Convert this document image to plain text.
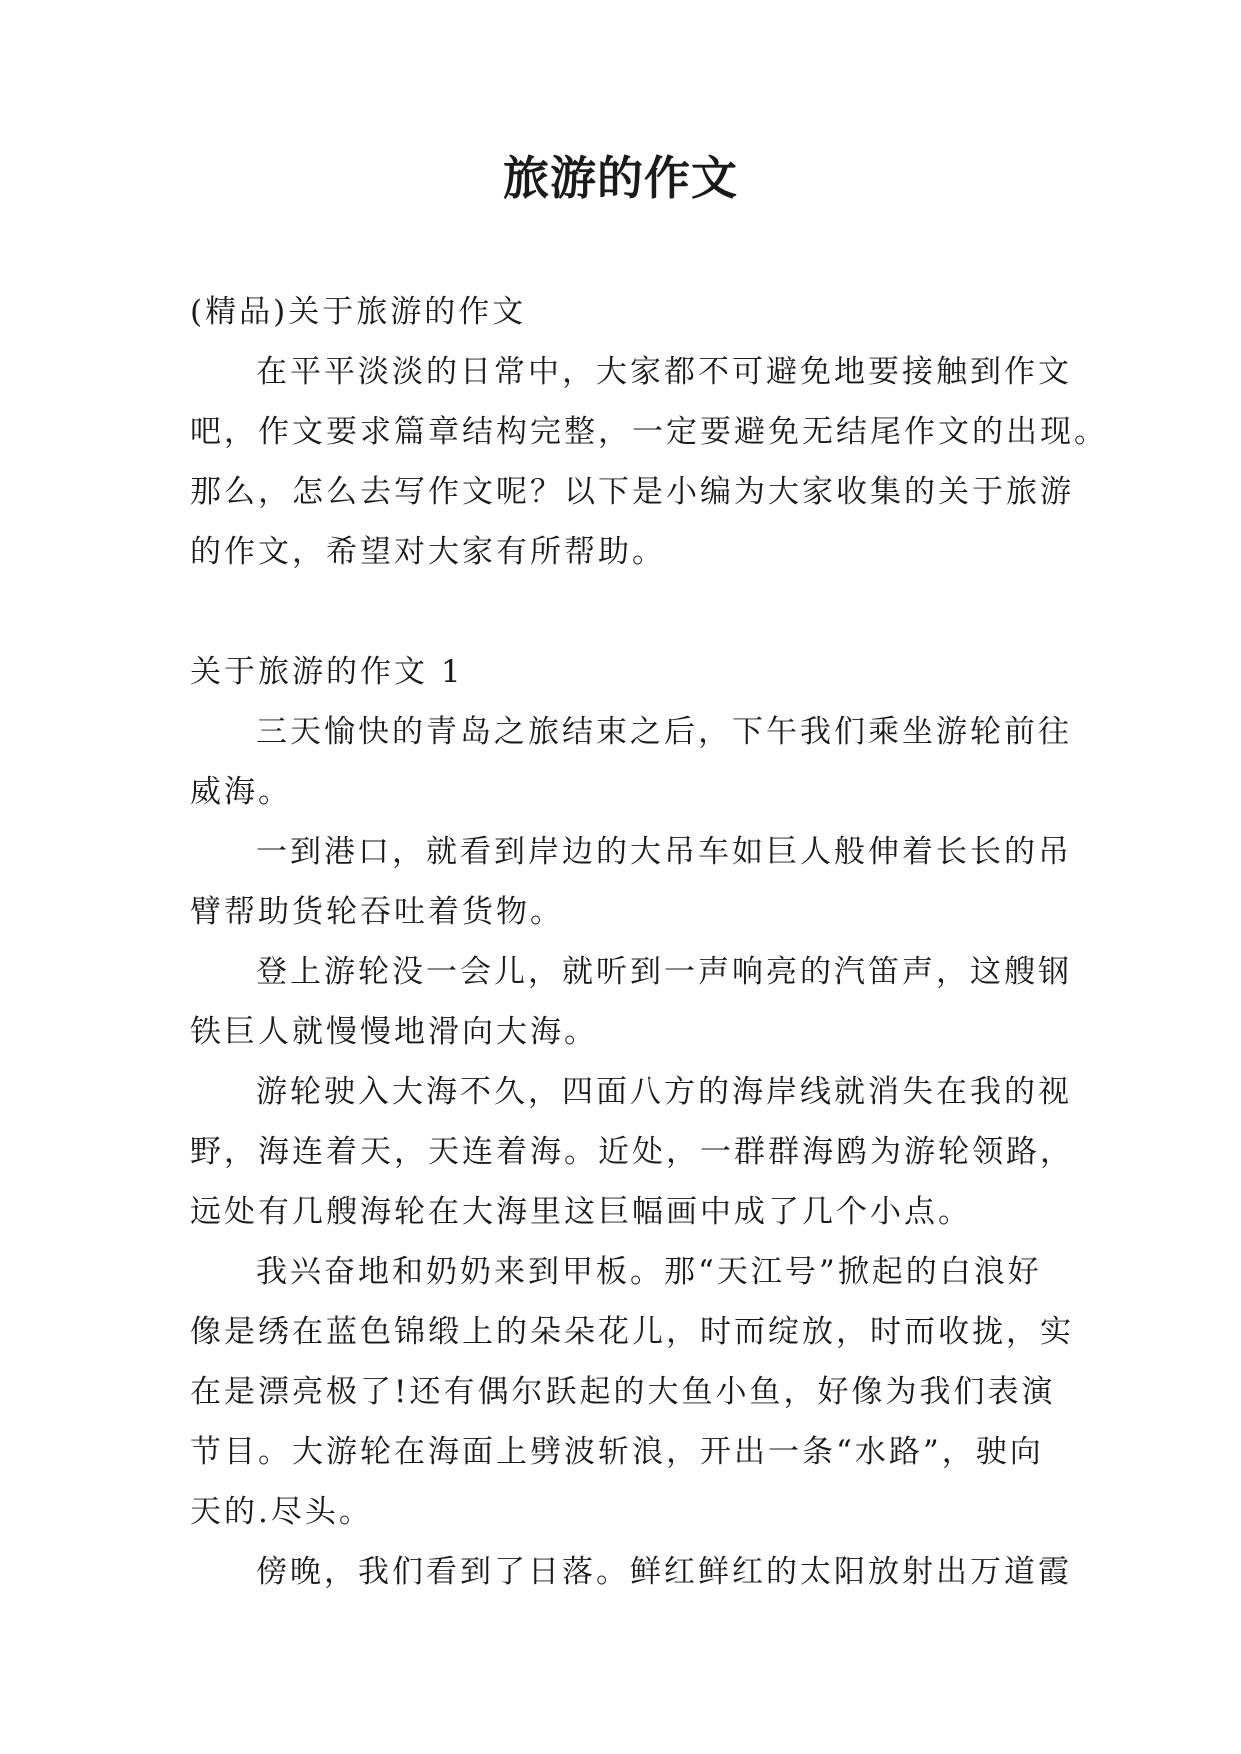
旅游的作文
(精品)关于旅游的作文
在平平淡淡的日常中，大家都不可避免地要接触到作文
吧，作文要求篇章结构完整，一定要避免无结尾作文的出现。
那么，怎么去写作文呢？以下是小编为大家收集的关于旅游
的作文，希望对大家有所帮助。
关于旅游的作文 1
三天愉快的青岛之旅结束之后，下午我们乘坐游轮前往
威海。
一到港口，就看到岸边的大吊车如巨人般伸着长长的吊
臂帮助货轮吞吐着货物。
登上游轮没一会儿，就听到一声响亮的汽笛声，这艘钢
铁巨人就慢慢地滑向大海。
游轮驶入大海不久，四面八方的海岸线就消失在我的视
野，海连着天，天连着海。近处，一群群海鸥为游轮领路，
远处有几艘海轮在大海里这巨幅画中成了几个小点。
我兴奋地和奶奶来到甲板。那“天江号”掀起的白浪好
像是绣在蓝色锦缎上的朵朵花儿，时而绽放，时而收拢，实
在是漂亮极了!还有偶尔跃起的大鱼小鱼，好像为我们表演
节目。大游轮在海面上劈波斩浪，开出一条“水路”，驶向
天的.尽头。
傍晚，我们看到了日落。鲜红鲜红的太阳放射出万道霞
